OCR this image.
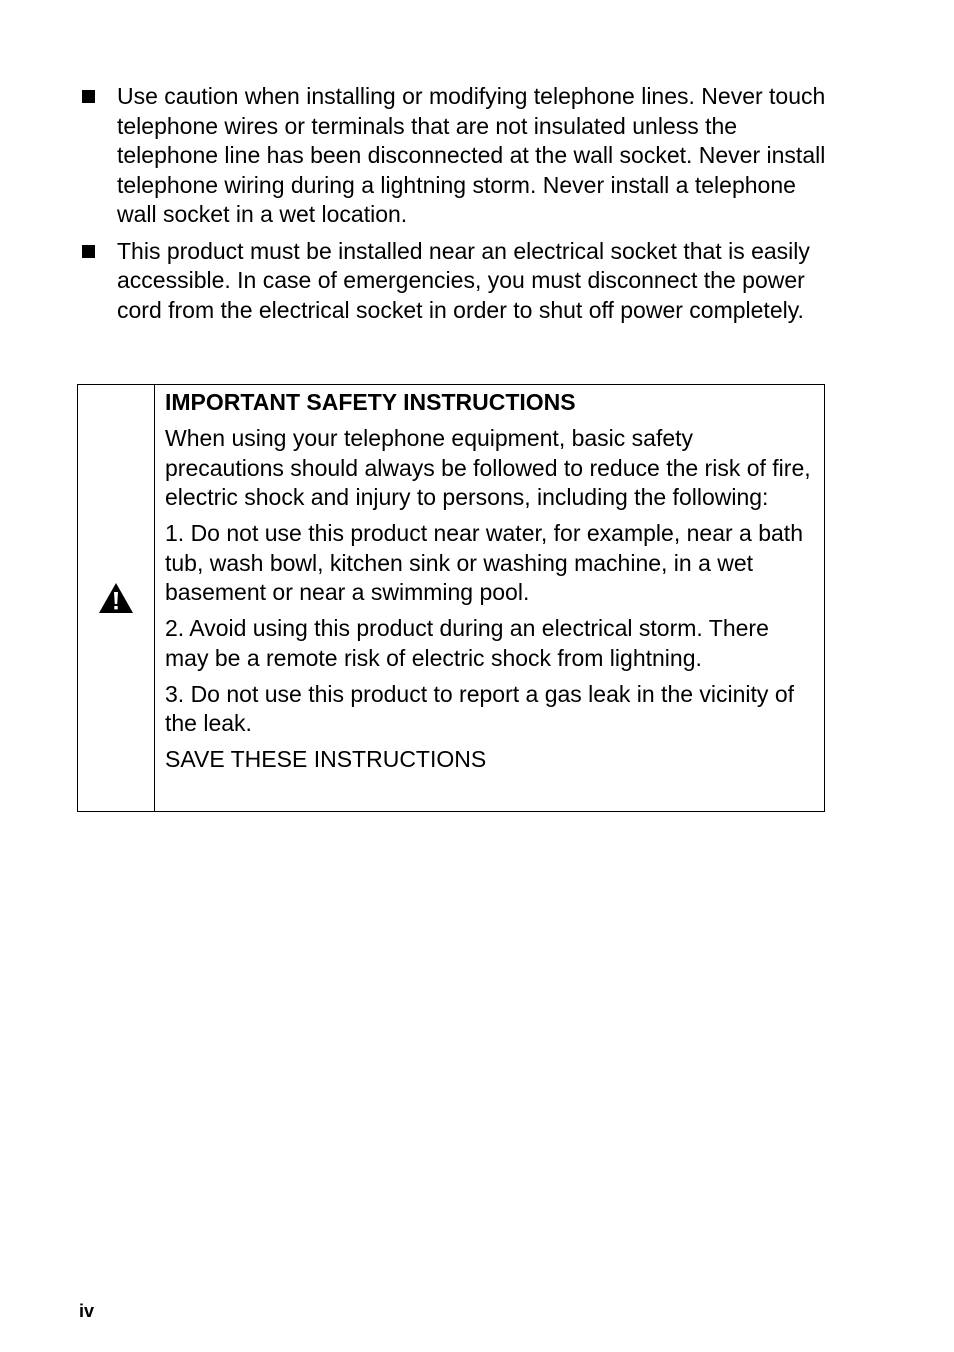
Use caution when installing or modifying telephone lines. Never touch telephone wires or terminals that are not insulated unless the telephone line has been disconnected at the wall socket. Never install telephone wiring during a lightning storm. Never install a telephone wall socket in a wet location.
This product must be installed near an electrical socket that is easily accessible. In case of emergencies, you must disconnect the power cord from the electrical socket in order to shut off power completely.

IMPORTANT SAFETY INSTRUCTIONS

When using your telephone equipment, basic safety precautions should always be followed to reduce the risk of fire, electric shock and injury to persons, including the following:

1. Do not use this product near water, for example, near a bath tub, wash bowl, kitchen sink or washing machine, in a wet basement or near a swimming pool.

2. Avoid using this product during an electrical storm. There may be a remote risk of electric shock from lightning.

3. Do not use this product to report a gas leak in the vicinity of the leak.

SAVE THESE INSTRUCTIONS

iv
